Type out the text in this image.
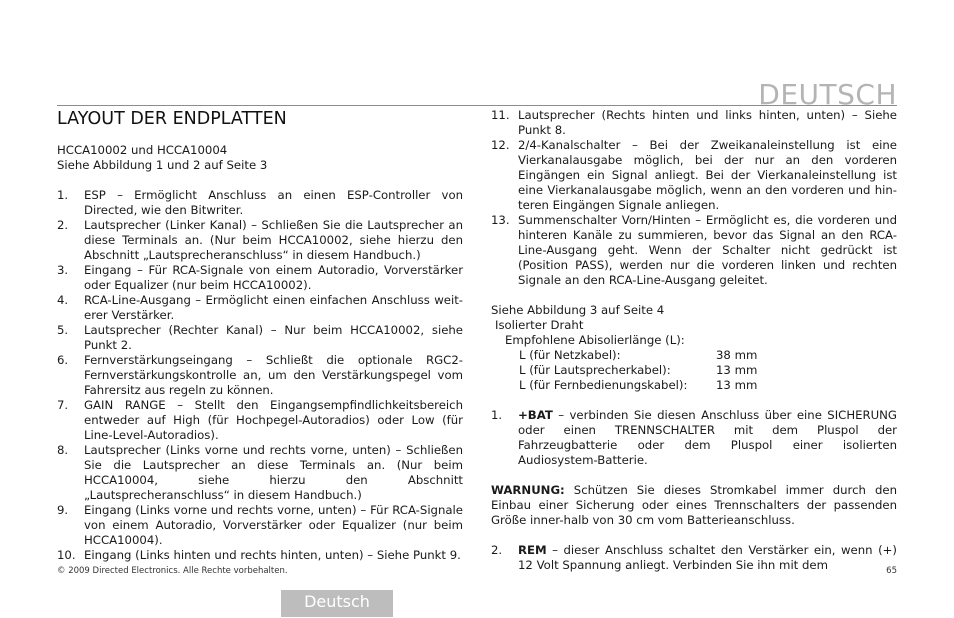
DEUTSCH
LAYOUT DER ENDPLATTEN

HCCA10002 und HCCA10004

Siehe Abbildung 1 und 2 auf Seite 3

1.	ESP – Ermöglicht Anschluss an einen ESP-Controller von Directed, wie den Bitwriter.
2.	Lautsprecher (Linker Kanal) – Schließen Sie die Lautsprecher an diese Terminals an. (Nur beim HCCA10002, siehe hierzu den Abschnitt „Lautsprecheranschluss“ in diesem Handbuch.)
3.	Eingang – Für RCA-Signale von einem Autoradio, Vorverstärker oder Equalizer (nur beim HCCA10002).
4.	RCA-Line-Ausgang – Ermöglicht einen einfachen Anschluss weit-erer Verstärker.
5.	Lautsprecher (Rechter Kanal) – Nur beim HCCA10002, siehe Punkt 2.
6.	Fernverstärkungseingang – Schließt die optionale RGC2-Fernverstärkungskontrolle an, um den Verstärkungspegel vom Fahrersitz aus regeln zu können.
7.	GAIN RANGE – Stellt den Eingangsempfindlichkeitsbereich entweder auf High (für Hochpegel-Autoradios) oder Low (für Line-Level-Autoradios).
8.	Lautsprecher (Links vorne und rechts vorne, unten) – Schließen Sie die Lautsprecher an diese Terminals an. (Nur beim HCCA10004, siehe hierzu den Abschnitt „Lautsprecheranschluss“ in diesem Handbuch.)
9.	Eingang (Links vorne und rechts vorne, unten) – Für RCA-Signale von einem Autoradio, Vorverstärker oder Equalizer (nur beim HCCA10004).
10. Eingang (Links hinten und rechts hinten, unten) – Siehe Punkt 9.
11. Lautsprecher (Rechts hinten und links hinten, unten) – Siehe Punkt 8.
12. 2/4-Kanalschalter – Bei der Zweikanaleinstellung ist eine Vierkanalausgabe möglich, bei der nur an den vorderen Eingängen ein Signal anliegt. Bei der Vierkanaleinstellung ist eine Vierkanalausgabe möglich, wenn an den vorderen und hin-teren Eingängen Signale anliegen.
13. Summenschalter Vorn/Hinten – Ermöglicht es, die vorderen und hinteren Kanäle zu summieren, bevor das Signal an den RCA-Line-Ausgang geht. Wenn der Schalter nicht gedrückt ist (Position PASS), werden nur die vorderen linken und rechten Signale an den RCA-Line-Ausgang geleitet.

Siehe Abbildung 3 auf Seite 4

Isolierter Draht

Empfohlene Abisolierlänge (L):

L (für Netzkabel):	38 mm
L (für Lautsprecherkabel):	13 mm
L (für Fernbedienungskabel):	13 mm
1.	+BAT – verbinden Sie diesen Anschluss über eine SICHERUNG oder einen TRENNSCHALTER mit dem Pluspol der Fahrzeugbatterie oder dem Pluspol einer isolierten Audiosystem-Batterie.

WARNUNG: Schützen Sie dieses Stromkabel immer durch den Einbau einer Sicherung oder eines Trennschalters der passenden Größe inner-halb von 30 cm vom Batterieanschluss.

2.	REM – dieser Anschluss schaltet den Verstärker ein, wenn (+) 12 Volt Spannung anliegt. Verbinden Sie ihn mit dem
© 2009 Directed Electronics. Alle Rechte vorbehalten.	65
Deutsch
